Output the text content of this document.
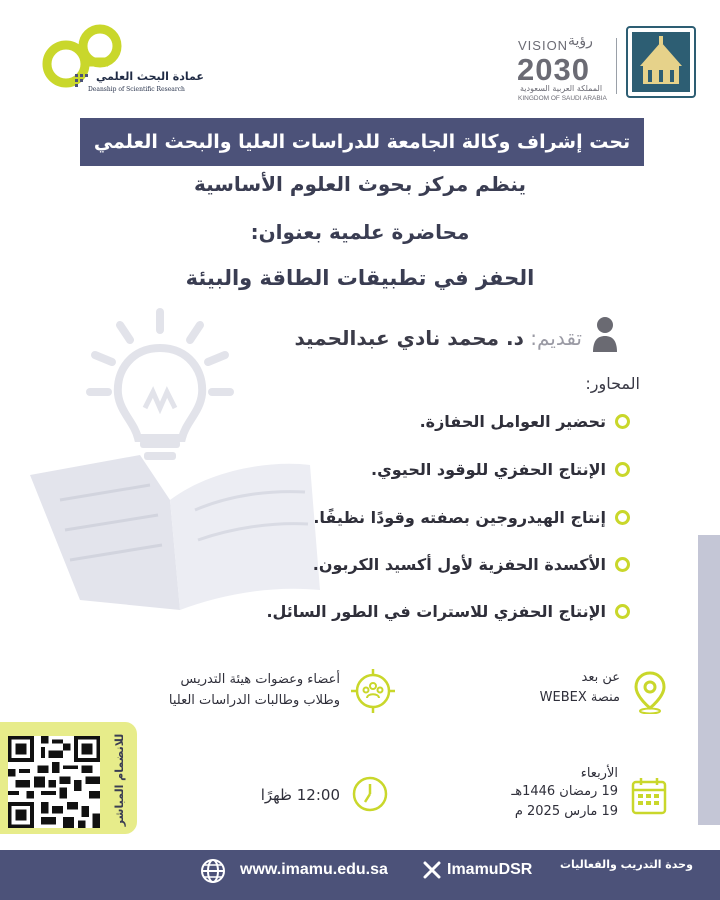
عمادة البحث العلمي
Deanship of Scientific Research
VISION رؤية
2030
المملكة العربية السعودية
KINGDOM OF SAUDI ARABIA
تحت إشراف وكالة الجامعة للدراسات العليا والبحث العلمي
ينظم مركز بحوث العلوم الأساسية
محاضرة علمية بعنوان:
الحفز في تطبيقات الطاقة والبيئة
تقديم: د. محمد نادي عبدالحميد
المحاور:
تحضير العوامل الحفازة.
الإنتاج الحفزي للوقود الحيوي.
إنتاج الهيدروجين بصفته وقودًا نظيفًا.
الأكسدة الحفزية لأول أكسيد الكربون.
الإنتاج الحفزي للاسترات في الطور السائل.
عن بعد
منصة WEBEX
أعضاء وعضوات هيئة التدريس
وطلاب وطالبات الدراسات العليا
الأربعاء
19 رمضان 1446هـ
19 مارس 2025 م
12:00 ظهرًا
للانضمام المباشر
وحدة التدريب والفعاليات
ImamuDSR
www.imamu.edu.sa
